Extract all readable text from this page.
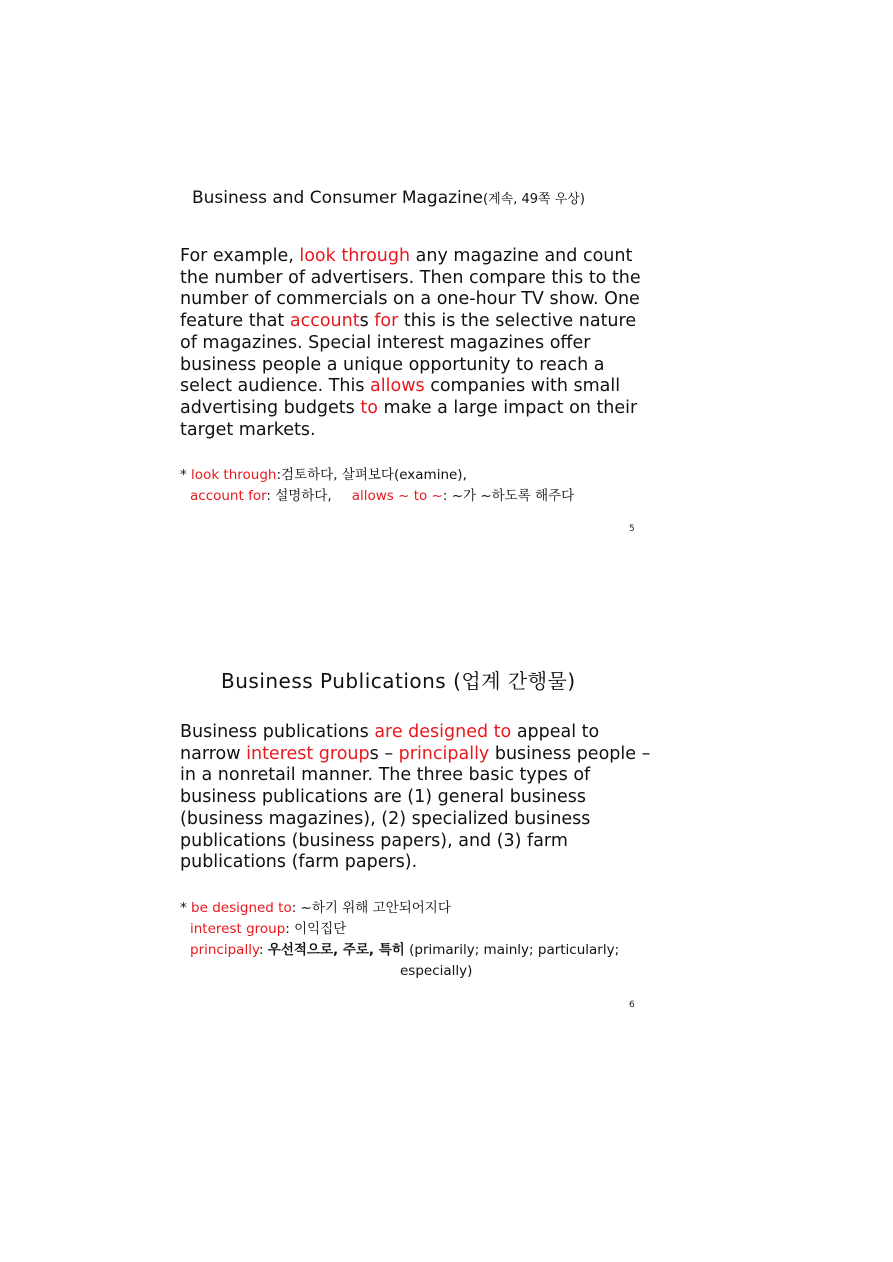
Business and Consumer Magazine(계속, 49쪽 우상)
For example, look through any magazine and count
the number of advertisers. Then compare this to the
number of commercials on a one-hour TV show. One
feature that accounts for this is the selective nature
of magazines. Special interest magazines offer
business people a unique opportunity to reach a
select audience. This allows companies with small
advertising budgets to make a large impact on their
target markets.
* look through:검토하다, 살펴보다(examine),
account for: 설명하다, allows ~ to ~: ~가 ~하도록 해주다
5
Business Publications (업계 간행물)
Business publications are designed to appeal to
narrow interest groups – principally business people –
in a nonretail manner. The three basic types of
business publications are (1) general business
(business magazines), (2) specialized business
publications (business papers), and (3) farm
publications (farm papers).
* be designed to: ~하기 위해 고안되어지다
interest group: 이익집단
principally: 우선적으로, 주로, 특히 (primarily; mainly; particularly;
especially)
6
